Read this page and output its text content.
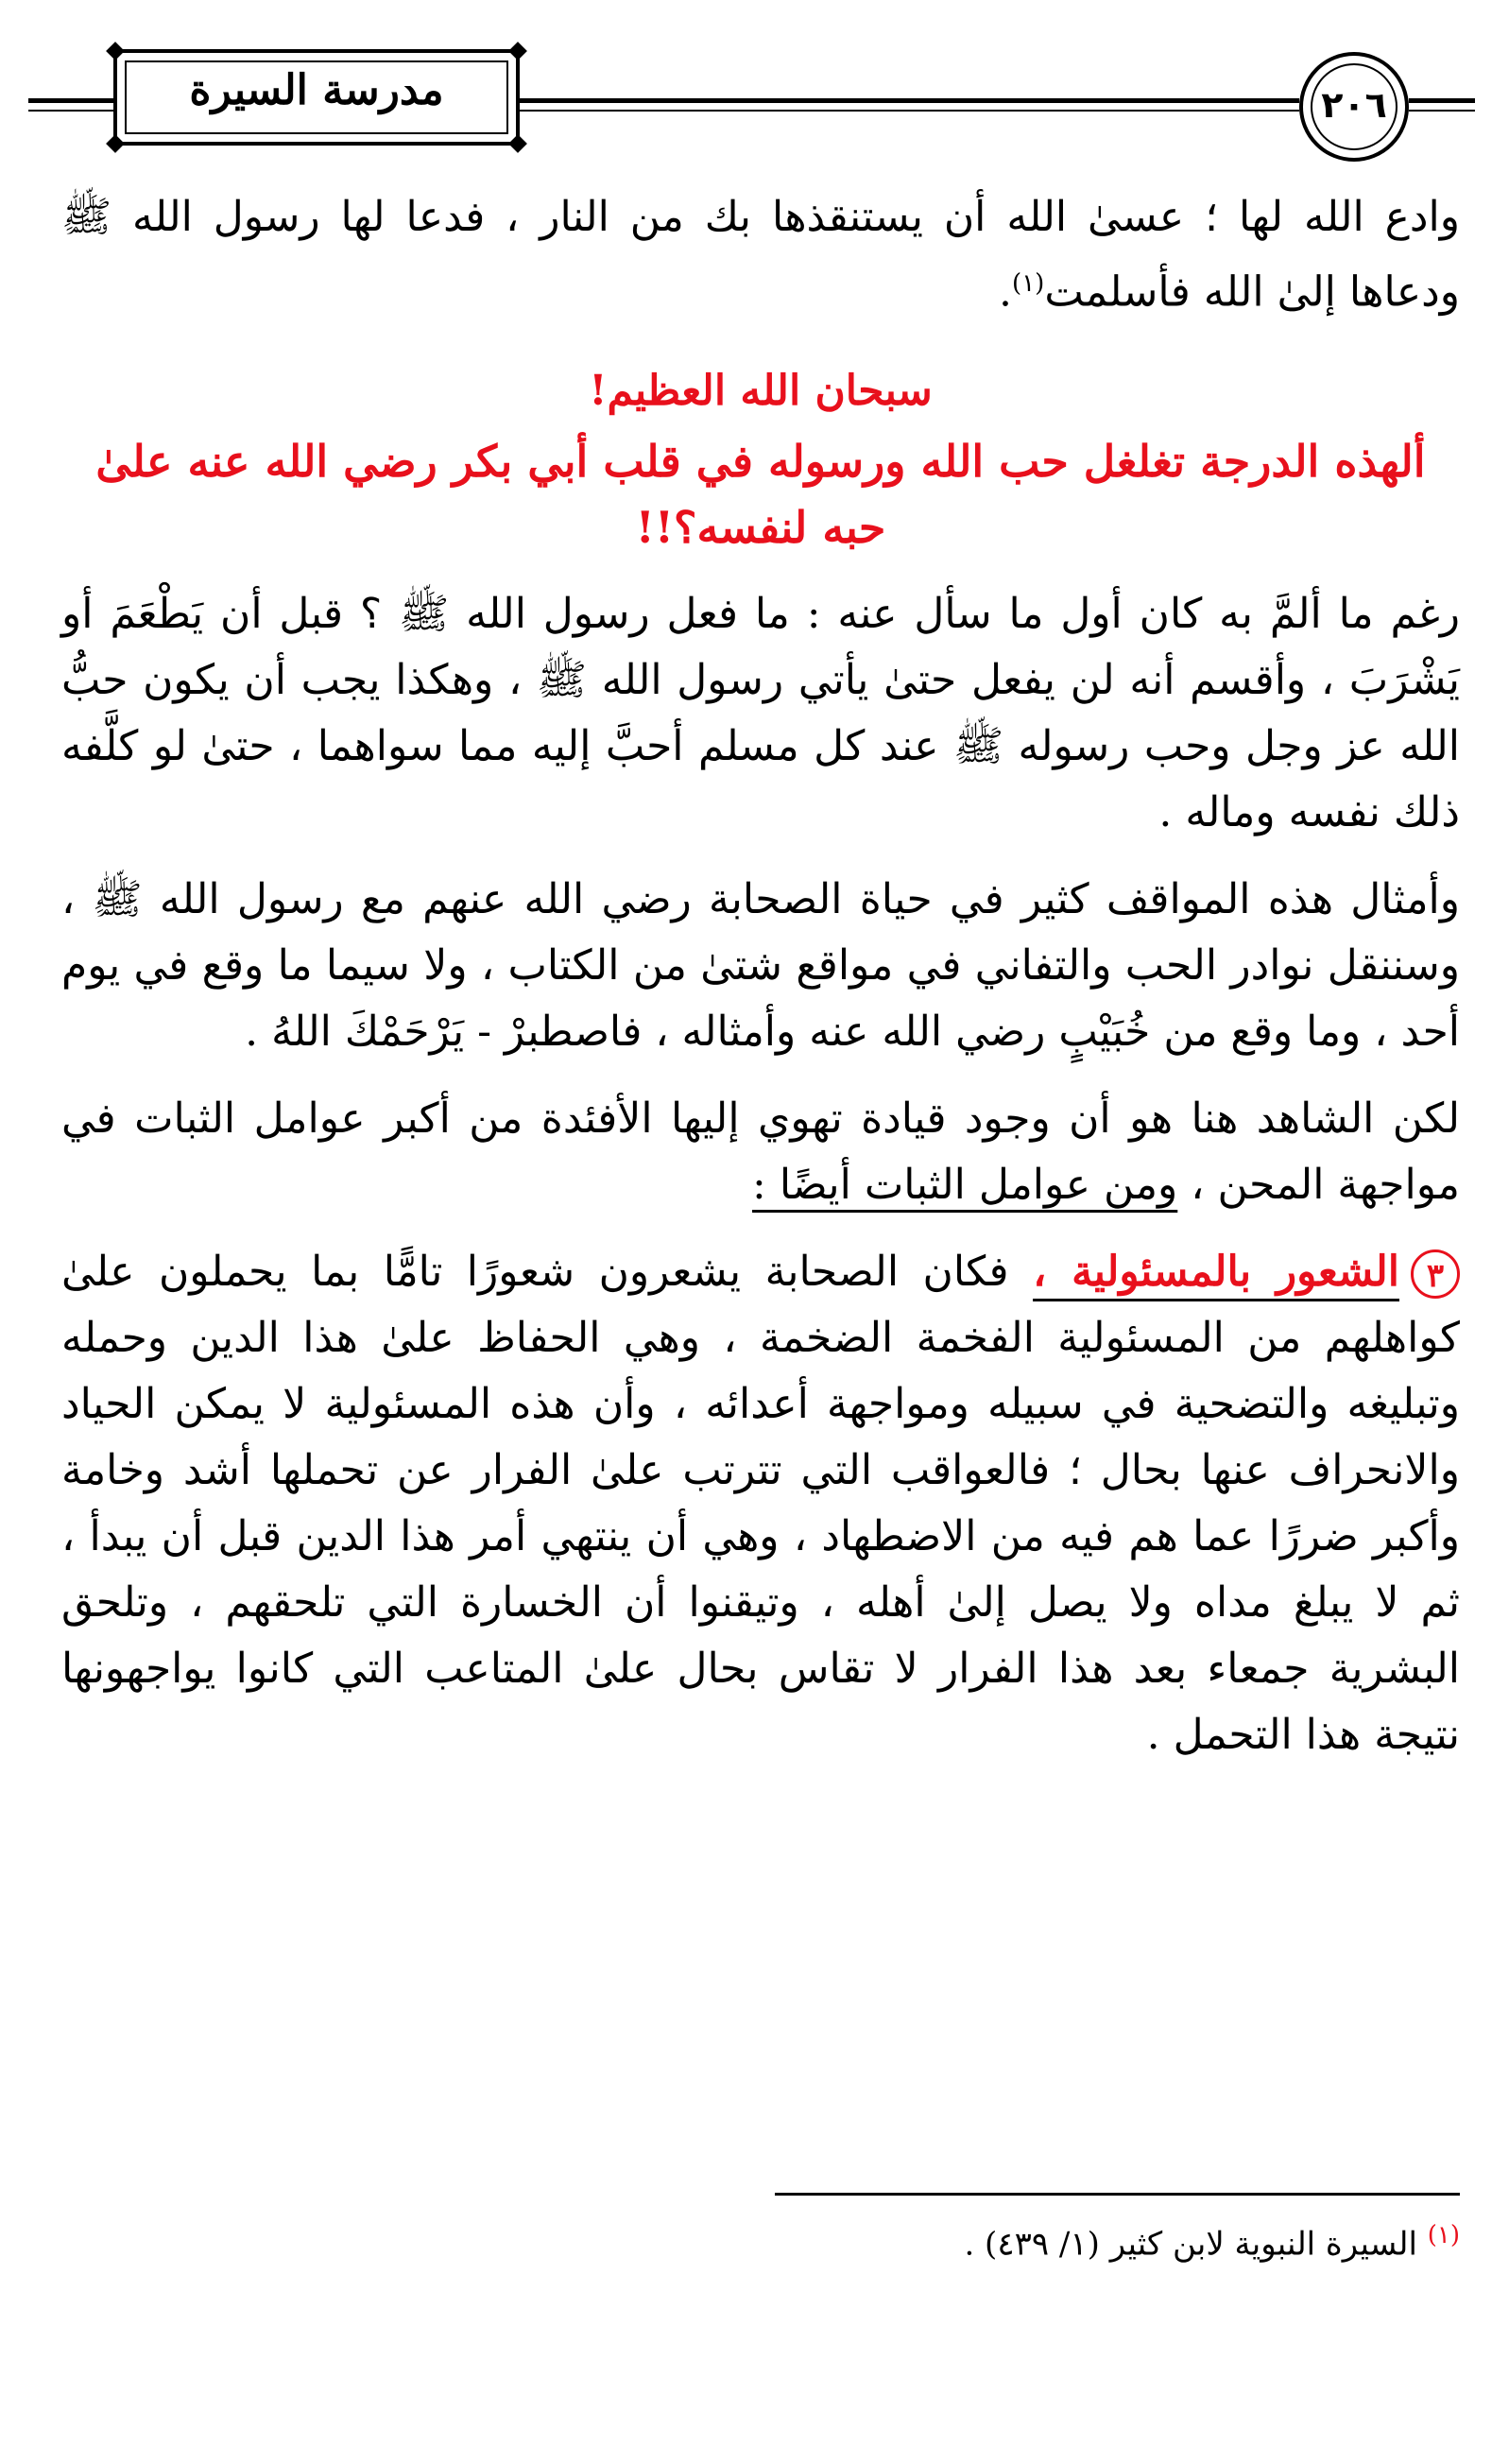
مدرسة السيرة	٢٠٦

وادع الله لها ؛ عسىٰ الله أن يستنقذها بك من النار ، فدعا لها رسول الله ﷺ ودعاها إلىٰ الله فأسلمت$^{(١)}$.

سبحان الله العظيم!

ألهذه الدرجة تغلغل حب الله ورسوله في قلب أبي بكر رضي الله عنه علىٰ حبه لنفسه؟!!

رغم ما ألمَّ به كان أول ما سأل عنه : ما فعل رسول الله ﷺ ؟ قبل أن يَطْعَمَ أو يَشْرَبَ ، وأقسم أنه لن يفعل حتىٰ يأتي رسول الله ﷺ ، وهكذا يجب أن يكون حبُّ الله عز وجل وحب رسوله ﷺ عند كل مسلم أحبَّ إليه مما سواهما ، حتىٰ لو كلَّفه ذلك نفسه وماله .

وأمثال هذه المواقف كثير في حياة الصحابة رضي الله عنهم مع رسول الله ﷺ ، وسننقل نوادر الحب والتفاني في مواقع شتىٰ من الكتاب ، ولا سيما ما وقع في يوم أحد ، وما وقع من خُبَيْبٍ رضي الله عنه وأمثاله ، فاصطبرْ - يَرْحَمْكَ اللهُ .

لكن الشاهد هنا هو أن وجود قيادة تهوي إليها الأفئدة من أكبر عوامل الثبات في مواجهة المحن ، ومن عوامل الثبات أيضًا :

٣الشعور بالمسئولية ، فكان الصحابة يشعرون شعورًا تامًّا بما يحملون علىٰ كواهلهم من المسئولية الفخمة الضخمة ، وهي الحفاظ علىٰ هذا الدين وحمله وتبليغه والتضحية في سبيله ومواجهة أعدائه ، وأن هذه المسئولية لا يمكن الحياد والانحراف عنها بحال ؛ فالعواقب التي تترتب علىٰ الفرار عن تحملها أشد وخامة وأكبر ضررًا عما هم فيه من الاضطهاد ، وهي أن ينتهي أمر هذا الدين قبل أن يبدأ ، ثم لا يبلغ مداه ولا يصل إلىٰ أهله ، وتيقنوا أن الخسارة التي تلحقهم ، وتلحق البشرية جمعاء بعد هذا الفرار لا تقاس بحال علىٰ المتاعب التي كانوا يواجهونها نتيجة هذا التحمل .

$^{(١)}$ السيرة النبوية لابن كثير (١/ ٤٣٩) .
